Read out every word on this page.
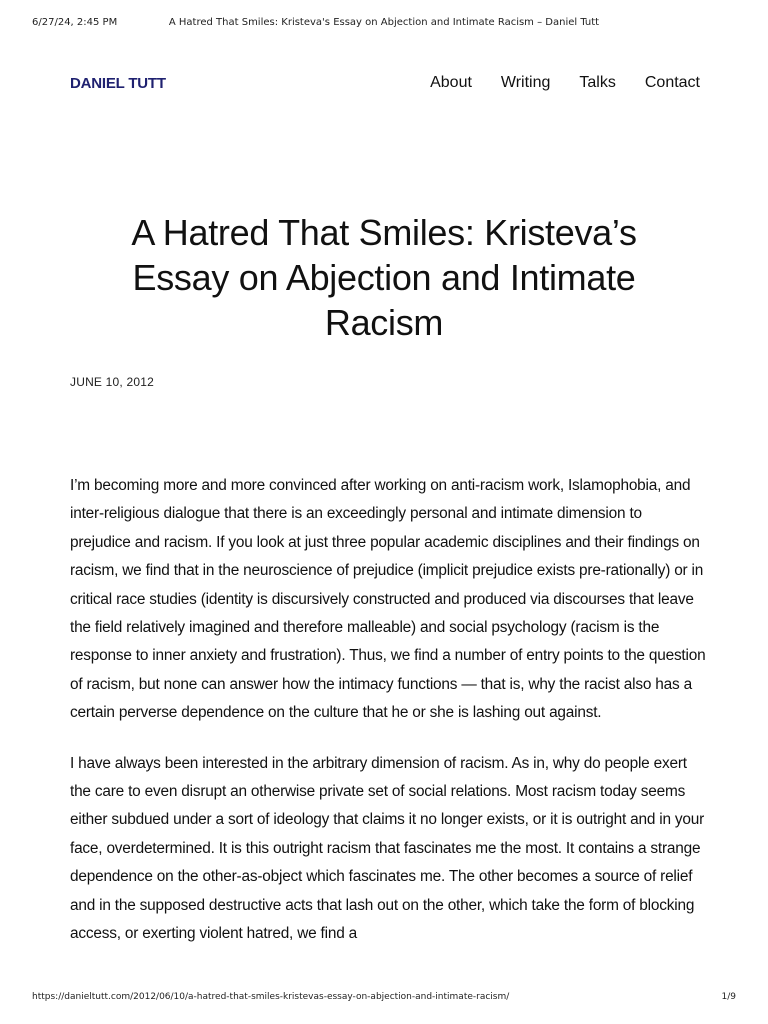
6/27/24, 2:45 PM	A Hatred That Smiles: Kristeva's Essay on Abjection and Intimate Racism – Daniel Tutt
DANIEL TUTT	About Writing Talks Contact
A Hatred That Smiles: Kristeva’s Essay on Abjection and Intimate Racism
JUNE 10, 2012

I’m becoming more and more convinced after working on anti-racism work, Islamophobia, and inter-religious dialogue that there is an exceedingly personal and intimate dimension to prejudice and racism. If you look at just three popular academic disciplines and their findings on racism, we find that in the neuroscience of prejudice (implicit prejudice exists pre-rationally) or in critical race studies (identity is discursively constructed and produced via discourses that leave the field relatively imagined and therefore malleable) and social psychology (racism is the response to inner anxiety and frustration). Thus, we find a number of entry points to the question of racism, but none can answer how the intimacy functions — that is, why the racist also has a certain perverse dependence on the culture that he or she is lashing out against.

I have always been interested in the arbitrary dimension of racism. As in, why do people exert the care to even disrupt an otherwise private set of social relations. Most racism today seems either subdued under a sort of ideology that claims it no longer exists, or it is outright and in your face, overdetermined. It is this outright racism that fascinates me the most. It contains a strange dependence on the other-as-object which fascinates me. The other becomes a source of relief and in the supposed destructive acts that lash out on the other, which take the form of blocking access, or exerting violent hatred, we find a

https://danieltutt.com/2012/06/10/a-hatred-that-smiles-kristevas-essay-on-abjection-and-intimate-racism/	1/9
